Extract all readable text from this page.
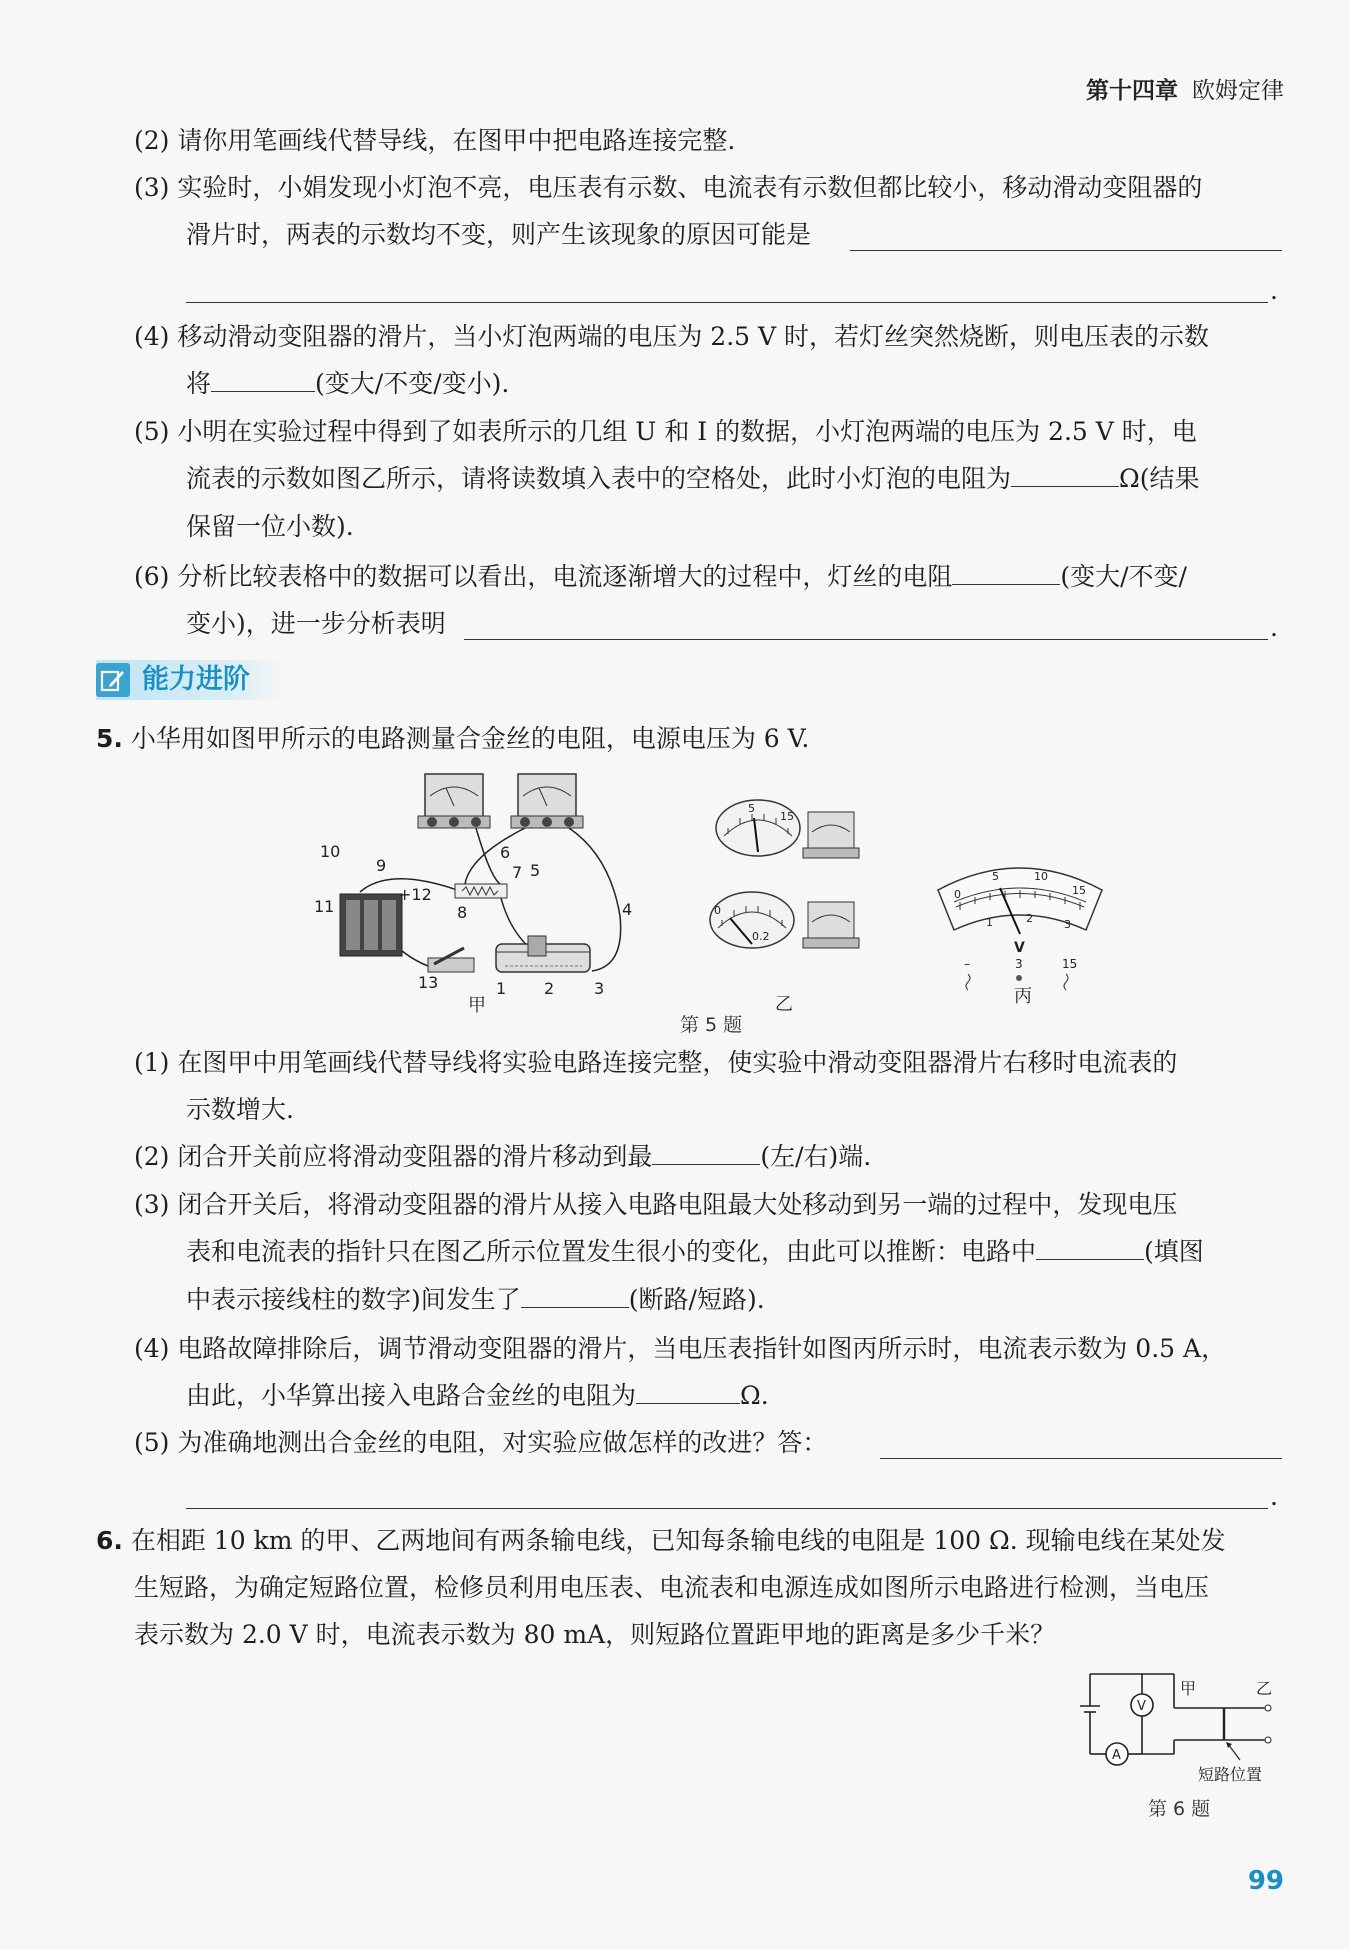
第十四章 欧姆定律
(2) 请你用笔画线代替导线，在图甲中把电路连接完整.
(3) 实验时，小娟发现小灯泡不亮，电压表有示数、电流表有示数但都比较小，移动滑动变阻器的
滑片时，两表的示数均不变，则产生该现象的原因可能是
.
(4) 移动滑动变阻器的滑片，当小灯泡两端的电压为 2.5 V 时，若灯丝突然烧断，则电压表的示数
将	(变大/不变/变小).
(5) 小明在实验过程中得到了如表所示的几组 U 和 I 的数据，小灯泡两端的电压为 2.5 V 时，电
流表的示数如图乙所示，请将读数填入表中的空格处，此时小灯泡的电阻为	Ω(结果
保留一位小数).
(6) 分析比较表格中的数据可以看出，电流逐渐增大的过程中，灯丝的电阻	(变大/不变/
变小)，进一步分析表明	.
能力进阶
5. 小华用如图甲所示的电路测量合金丝的电阻，电源电压为 6 V.
10
9
6
5
8
7
11
+12
13	1 2 3
4
甲
5
15
0
0.2
乙
0
5	10
15
1	2	3
V
–	3	15
丙
第 5 题
(1) 在图甲中用笔画线代替导线将实验电路连接完整，使实验中滑动变阻器滑片右移时电流表的
示数增大.
(2) 闭合开关前应将滑动变阻器的滑片移动到最	(左/右)端.
(3) 闭合开关后，将滑动变阻器的滑片从接入电路电阻最大处移动到另一端的过程中，发现电压
表和电流表的指针只在图乙所示位置发生很小的变化，由此可以推断：电路中	(填图
中表示接线柱的数字)间发生了	(断路/短路).
(4) 电路故障排除后，调节滑动变阻器的滑片，当电压表指针如图丙所示时，电流表示数为 0.5 A，
由此，小华算出接入电路合金丝的电阻为	Ω.
(5) 为准确地测出合金丝的电阻，对实验应做怎样的改进？答：
.
6. 在相距 10 km 的甲、乙两地间有两条输电线，已知每条输电线的电阻是 100 Ω. 现输电线在某处发
生短路，为确定短路位置，检修员利用电压表、电流表和电源连成如图所示电路进行检测，当电压
表示数为 2.0 V 时，电流表示数为 80 mA，则短路位置距甲地的距离是多少千米？
V
A
甲	乙
短路位置
第 6 题
99
